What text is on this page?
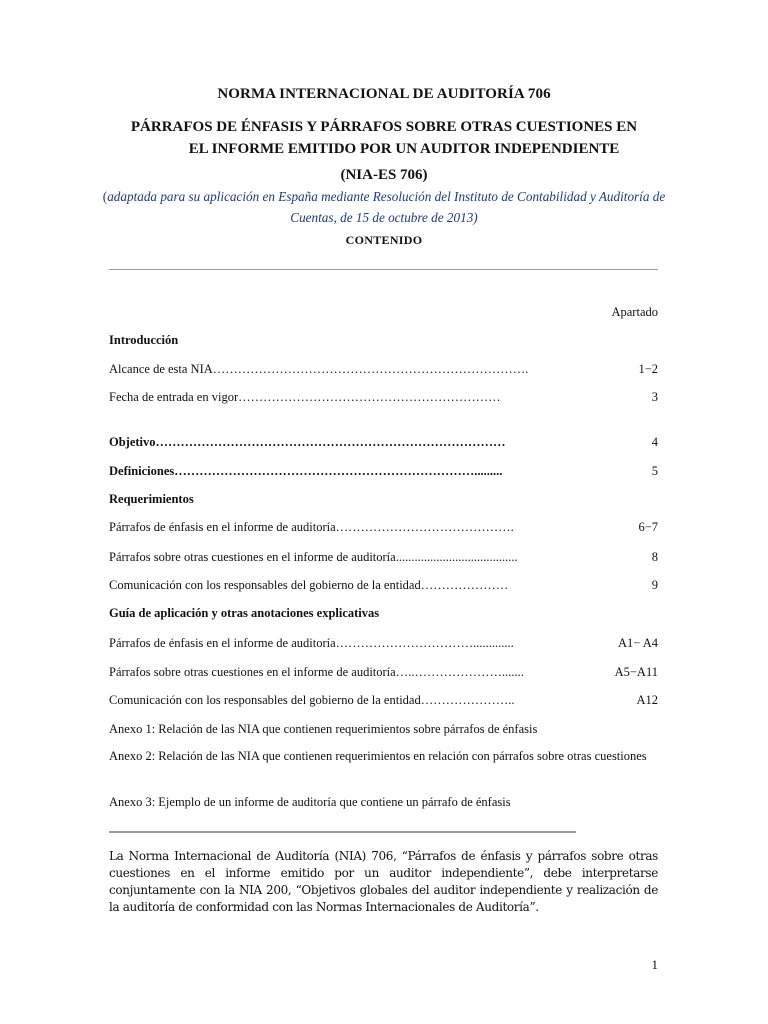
NORMA INTERNACIONAL DE AUDITORÍA 706
PÁRRAFOS DE ÉNFASIS Y PÁRRAFOS SOBRE OTRAS CUESTIONES EN
EL INFORME EMITIDO POR UN AUDITOR INDEPENDIENTE
(NIA-ES 706)
(adaptada para su aplicación en España mediante Resolución del Instituto de Contabilidad y Auditoría de Cuentas, de 15 de octubre de 2013)
CONTENIDO
Apartado
Introducción
Alcance de esta NIA………………………………………………………………….	1−2
Fecha de entrada en vigor………………………………………………………	3
Objetivo…………………………………………………………………………	4
Definiciones……………………………………………………………….........	5
Requerimientos
Párrafos de énfasis en el informe de auditoría…………………………………….	6−7
Párrafos sobre otras cuestiones en el informe de auditoría.......................................	8
Comunicación con los responsables del gobierno de la entidad…………………	9
Guía de aplicación y otras anotaciones explicativas
Párrafos de énfasis en el informe de auditoría…………………………….............	A1− A4
Párrafos sobre otras cuestiones en el informe de auditoría…..………………….......	A5−A11
Comunicación con los responsables del gobierno de la entidad…………………..	A12
Anexo 1: Relación de las NIA que contienen requerimientos sobre párrafos de énfasis
Anexo 2: Relación de las NIA que contienen requerimientos en relación con párrafos sobre otras cuestiones
Anexo 3: Ejemplo de un informe de auditoría que contiene un párrafo de énfasis
La Norma Internacional de Auditoría (NIA) 706, “Párrafos de énfasis y párrafos sobre otras cuestiones en el informe emitido por un auditor independiente”, debe interpretarse conjuntamente con la NIA 200, “Objetivos globales del auditor independiente y realización de la auditoría de conformidad con las Normas Internacionales de Auditoría”.
1
